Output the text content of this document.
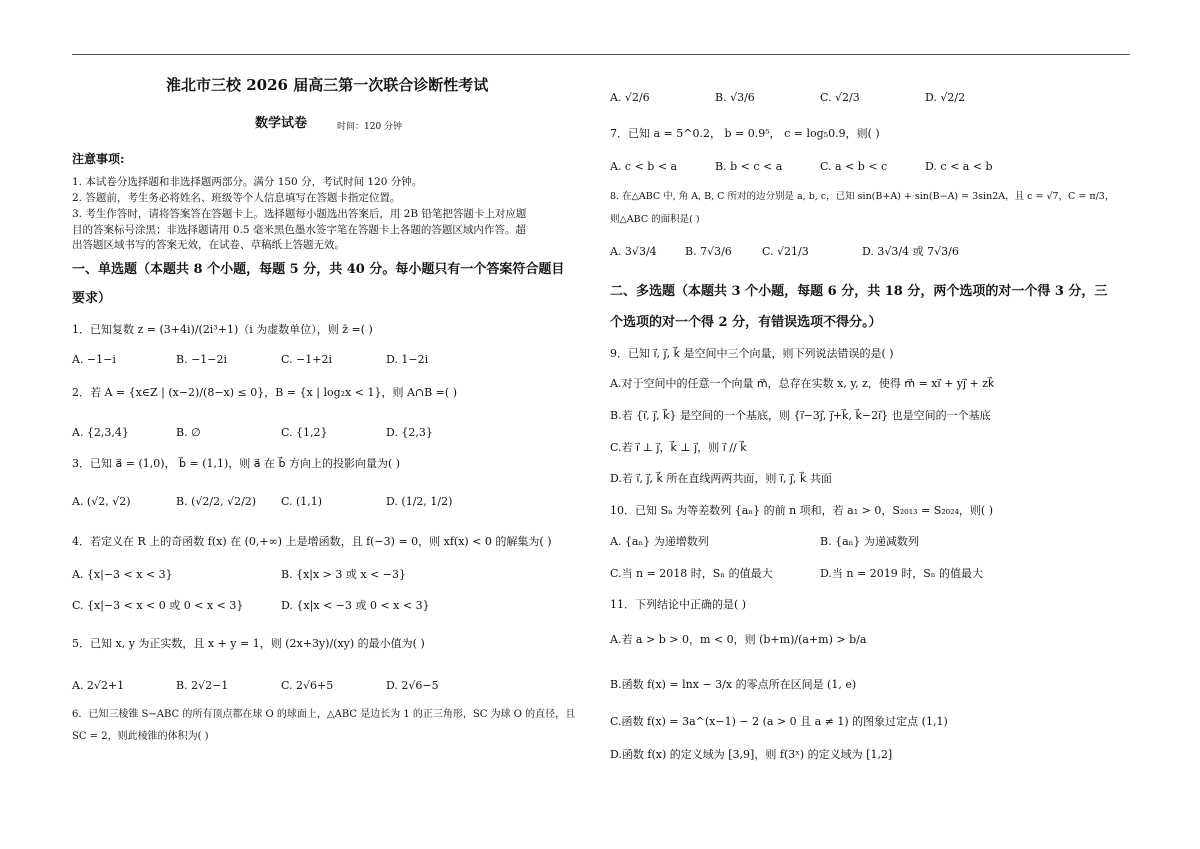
淮北市三校 2026 届高三第一次联合诊断性考试
数学试卷	时间：120 分钟
注意事项:
1. 本试卷分选择题和非选择题两部分。满分 150 分，考试时间 120 分钟。
2. 答题前，考生务必将姓名、班级等个人信息填写在答题卡指定位置。
3. 考生作答时，请将答案答在答题卡上。选择题每小题选出答案后，用 2B 铅笔把答题卡上对应题
目的答案标号涂黑；非选择题请用 0.5 毫米黑色墨水签字笔在答题卡上各题的答题区域内作答。超
出答题区域书写的答案无效，在试卷、草稿纸上答题无效。
一、单选题（本题共 8 个小题，每题 5 分，共 40 分。每小题只有一个答案符合题目
要求）
1．已知复数 z = (3+4i)/(2i³+1)（i 为虚数单位），则 z̄ =( )
A. −1−i	B. −1−2i	C. −1+2i	D. 1−2i
2．若 A = {x∈Z | (x−2)/(8−x) ≤ 0}，B = {x | log₂x < 1}，则 A∩B =( )
A. {2,3,4}	B. ∅	C. {1,2}	D. {2,3}
3．已知 a⃗ = (1,0)， b⃗ = (1,1)，则 a⃗ 在 b⃗ 方向上的投影向量为( )
A. (√2, √2)	B. (√2/2, √2/2) C. (1,1)	D. (1/2, 1/2)
4．若定义在 R 上的奇函数 f(x) 在 (0,+∞) 上是增函数，且 f(−3) = 0，则 xf(x) < 0 的解集为( )
A. {x|−3 < x < 3}	B. {x|x > 3 或 x < −3}
C. {x|−3 < x < 0 或 0 < x < 3}	D. {x|x < −3 或 0 < x < 3}
5．已知 x, y 为正实数，且 x + y = 1，则 (2x+3y)/(xy) 的最小值为( )
A. 2√2+1	B. 2√2−1	C. 2√6+5	D. 2√6−5
6．已知三棱锥 S−ABC 的所有顶点都在球 O 的球面上，△ABC 是边长为 1 的正三角形，SC 为球 O 的直径，且
SC = 2，则此棱锥的体积为( )
A. √2/6	B. √3/6	C. √2/3	D. √2/2
7．已知 a = 5^0.2， b = 0.9⁵， c = log₅0.9，则( )
A. c < b < a	B. b < c < a	C. a < b < c	D. c < a < b
8. 在△ABC 中, 角 A, B, C 所对的边分别是 a, b, c，已知 sin(B+A) + sin(B−A) = 3sin2A，且 c = √7，C = π/3，
则△ABC 的面积是( )
A. 3√3/4	B. 7√3/6	C. √21/3	D. 3√3/4 或 7√3/6
二、多选题（本题共 3 个小题，每题 6 分，共 18 分，两个选项的对一个得 3 分，三
个选项的对一个得 2 分，有错误选项不得分。）
9．已知 i⃗, j⃗, k⃗ 是空间中三个向量，则下列说法错误的是( )
A.对于空间中的任意一个向量 m⃗，总存在实数 x, y, z，使得 m⃗ = xi⃗ + yj⃗ + zk⃗
B.若 {i⃗, j⃗, k⃗} 是空间的一个基底，则 {i⃗−3j⃗, j⃗+k⃗, k⃗−2i⃗} 也是空间的一个基底
C.若 i⃗ ⊥ j⃗，k⃗ ⊥ j⃗，则 i⃗ // k⃗
D.若 i⃗, j⃗, k⃗ 所在直线两两共面，则 i⃗, j⃗, k⃗ 共面
10．已知 Sₙ 为等差数列 {aₙ} 的前 n 项和，若 a₁ > 0，S₂₀₁₃ = S₂₀₂₄，则( )
A. {aₙ} 为递增数列	B. {aₙ} 为递减数列
C.当 n = 2018 时，Sₙ 的值最大	D.当 n = 2019 时，Sₙ 的值最大
11．下列结论中正确的是( )
A.若 a > b > 0，m < 0，则 (b+m)/(a+m) > b/a
B.函数 f(x) = lnx − 3/x 的零点所在区间是 (1, e)
C.函数 f(x) = 3a^(x−1) − 2 (a > 0 且 a ≠ 1) 的图象过定点 (1,1)
D.函数 f(x) 的定义域为 [3,9]，则 f(3ˣ) 的定义域为 [1,2]
